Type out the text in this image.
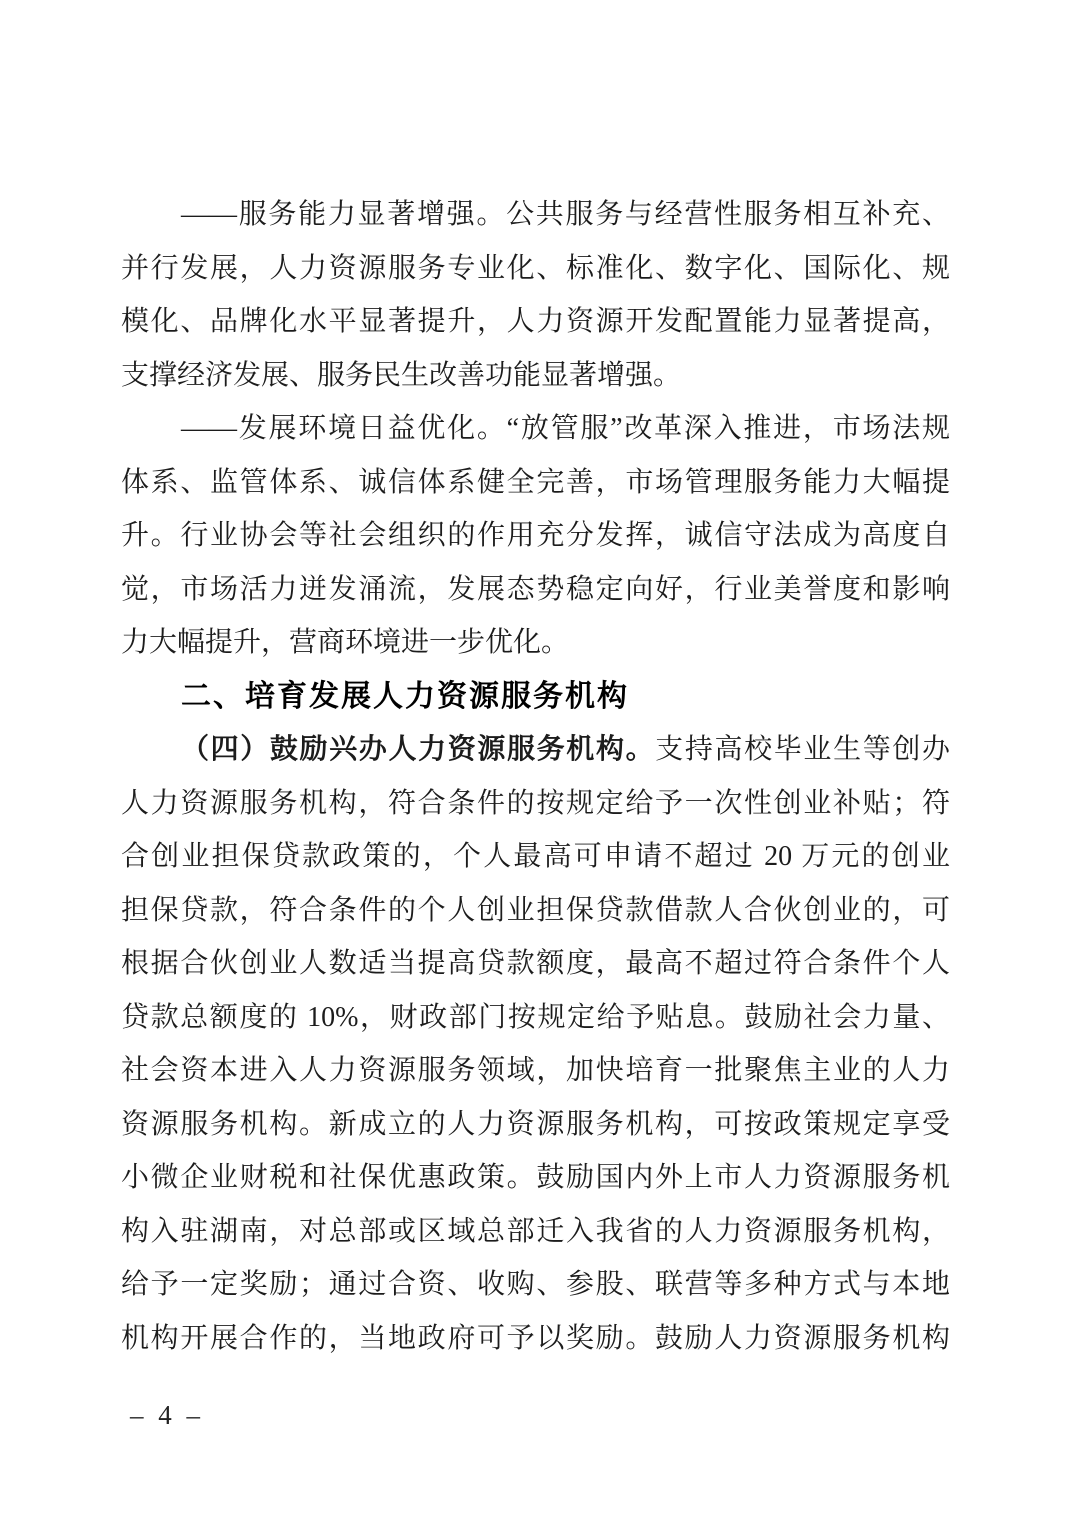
——服务能力显著增强。公共服务与经营性服务相互补充、
并行发展，人力资源服务专业化、标准化、数字化、国际化、规
模化、品牌化水平显著提升，人力资源开发配置能力显著提高，
支撑经济发展、服务民生改善功能显著增强。
——发展环境日益优化。“放管服”改革深入推进，市场法规
体系、监管体系、诚信体系健全完善，市场管理服务能力大幅提
升。行业协会等社会组织的作用充分发挥，诚信守法成为高度自
觉，市场活力迸发涌流，发展态势稳定向好，行业美誉度和影响
力大幅提升，营商环境进一步优化。
二、培育发展人力资源服务机构
（四）鼓励兴办人力资源服务机构。支持高校毕业生等创办
人力资源服务机构，符合条件的按规定给予一次性创业补贴；符
合创业担保贷款政策的，个人最高可申请不超过 20 万元的创业
担保贷款，符合条件的个人创业担保贷款借款人合伙创业的，可
根据合伙创业人数适当提高贷款额度，最高不超过符合条件个人
贷款总额度的 10%，财政部门按规定给予贴息。鼓励社会力量、
社会资本进入人力资源服务领域，加快培育一批聚焦主业的人力
资源服务机构。新成立的人力资源服务机构，可按政策规定享受
小微企业财税和社保优惠政策。鼓励国内外上市人力资源服务机
构入驻湖南，对总部或区域总部迁入我省的人力资源服务机构，
给予一定奖励；通过合资、收购、参股、联营等多种方式与本地
机构开展合作的，当地政府可予以奖励。鼓励人力资源服务机构
– 4 –
